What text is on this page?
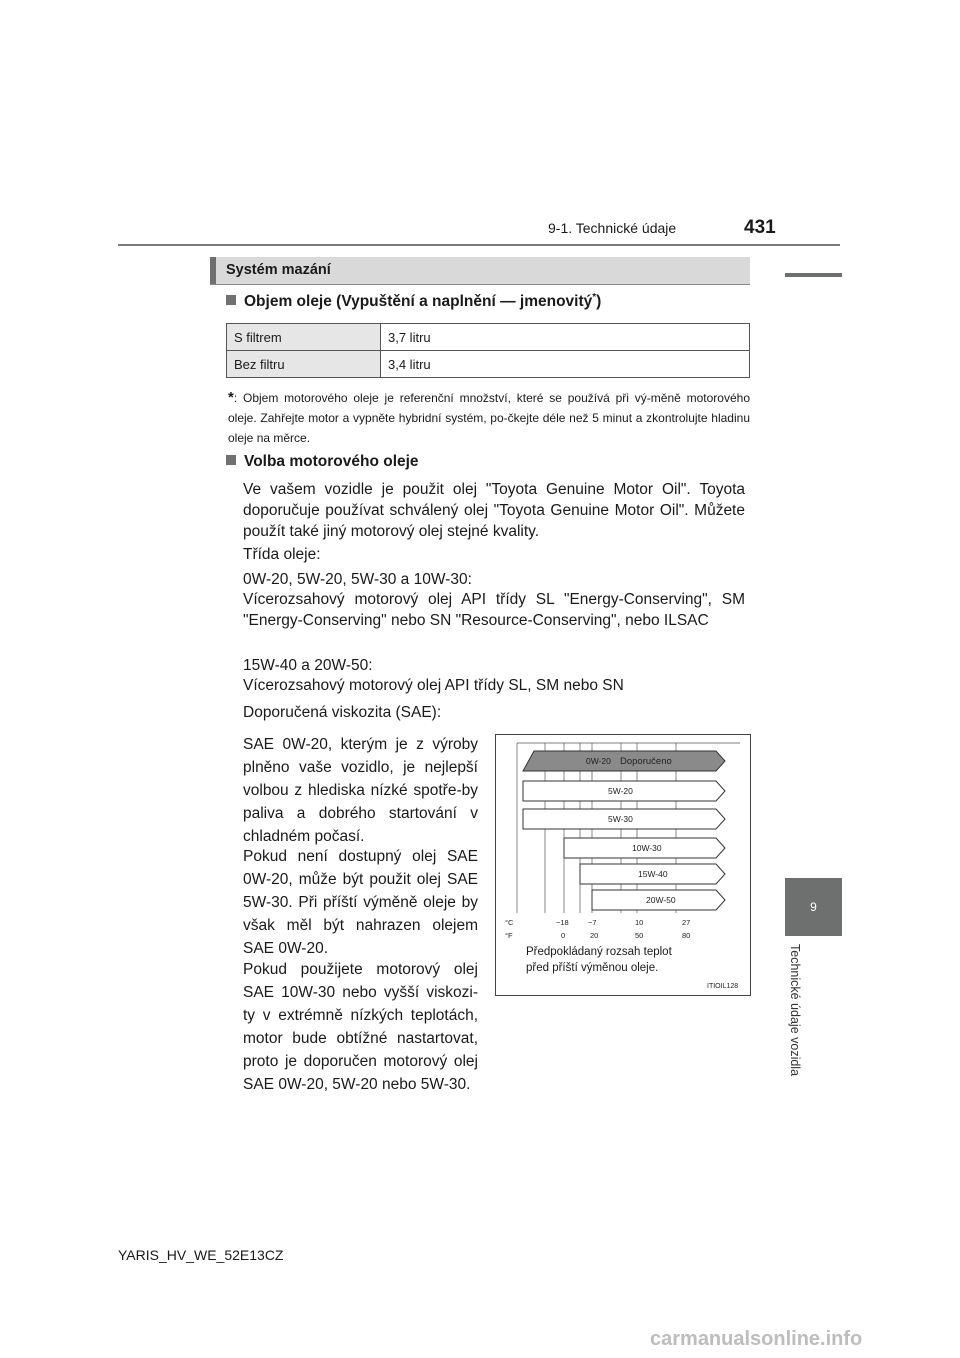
9-1. Technické údaje	431
9
Technické údaje vozidla
Systém mazání
Objem oleje (Vypuštění a naplnění — jmenovitý*)
S filtrem	3,7 litru
Bez filtru	3,4 litru
*: Objem motorového oleje je referenční množství, které se používá při vý-měně motorového oleje. Zahřejte motor a vypněte hybridní systém, po-čkejte déle než 5 minut a zkontrolujte hladinu oleje na měrce.
Volba motorového oleje
Ve vašem vozidle je použit olej "Toyota Genuine Motor Oil". Toyota doporučuje používat schválený olej "Toyota Genuine Motor Oil". Můžete použít také jiný motorový olej stejné kvality.
Třída oleje:
0W-20, 5W-20, 5W-30 a 10W-30:
Vícerozsahový motorový olej API třídy SL "Energy-Conserving", SM "Energy-Conserving" nebo SN "Resource-Conserving", nebo ILSAC
15W-40 a 20W-50:
Vícerozsahový motorový olej API třídy SL, SM nebo SN
Doporučená viskozita (SAE):
SAE 0W-20, kterým je z výroby plněno vaše vozidlo, je nejlepší volbou z hlediska nízké spotře-by paliva a dobrého startování v chladném počasí.
Pokud není dostupný olej SAE 0W-20, může být použit olej SAE 5W-30. Při příští výměně oleje by však měl být nahrazen olejem SAE 0W-20.
Pokud použijete motorový olej SAE 10W-30 nebo vyšší viskozi-ty v extrémně nízkých teplotách, motor bude obtížné nastartovat, proto je doporučen motorový olej SAE 0W-20, 5W-20 nebo 5W-30.
0W-20 Doporučeno
5W-20
5W-30
10W-30
15W-40
20W-50
°C
°F
−18	−7	10	27
0	20	50	80
Předpokládaný rozsah teplot
před příští výměnou oleje.
ITIOIL128
YARIS_HV_WE_52E13CZ
carmanualsonline.info
